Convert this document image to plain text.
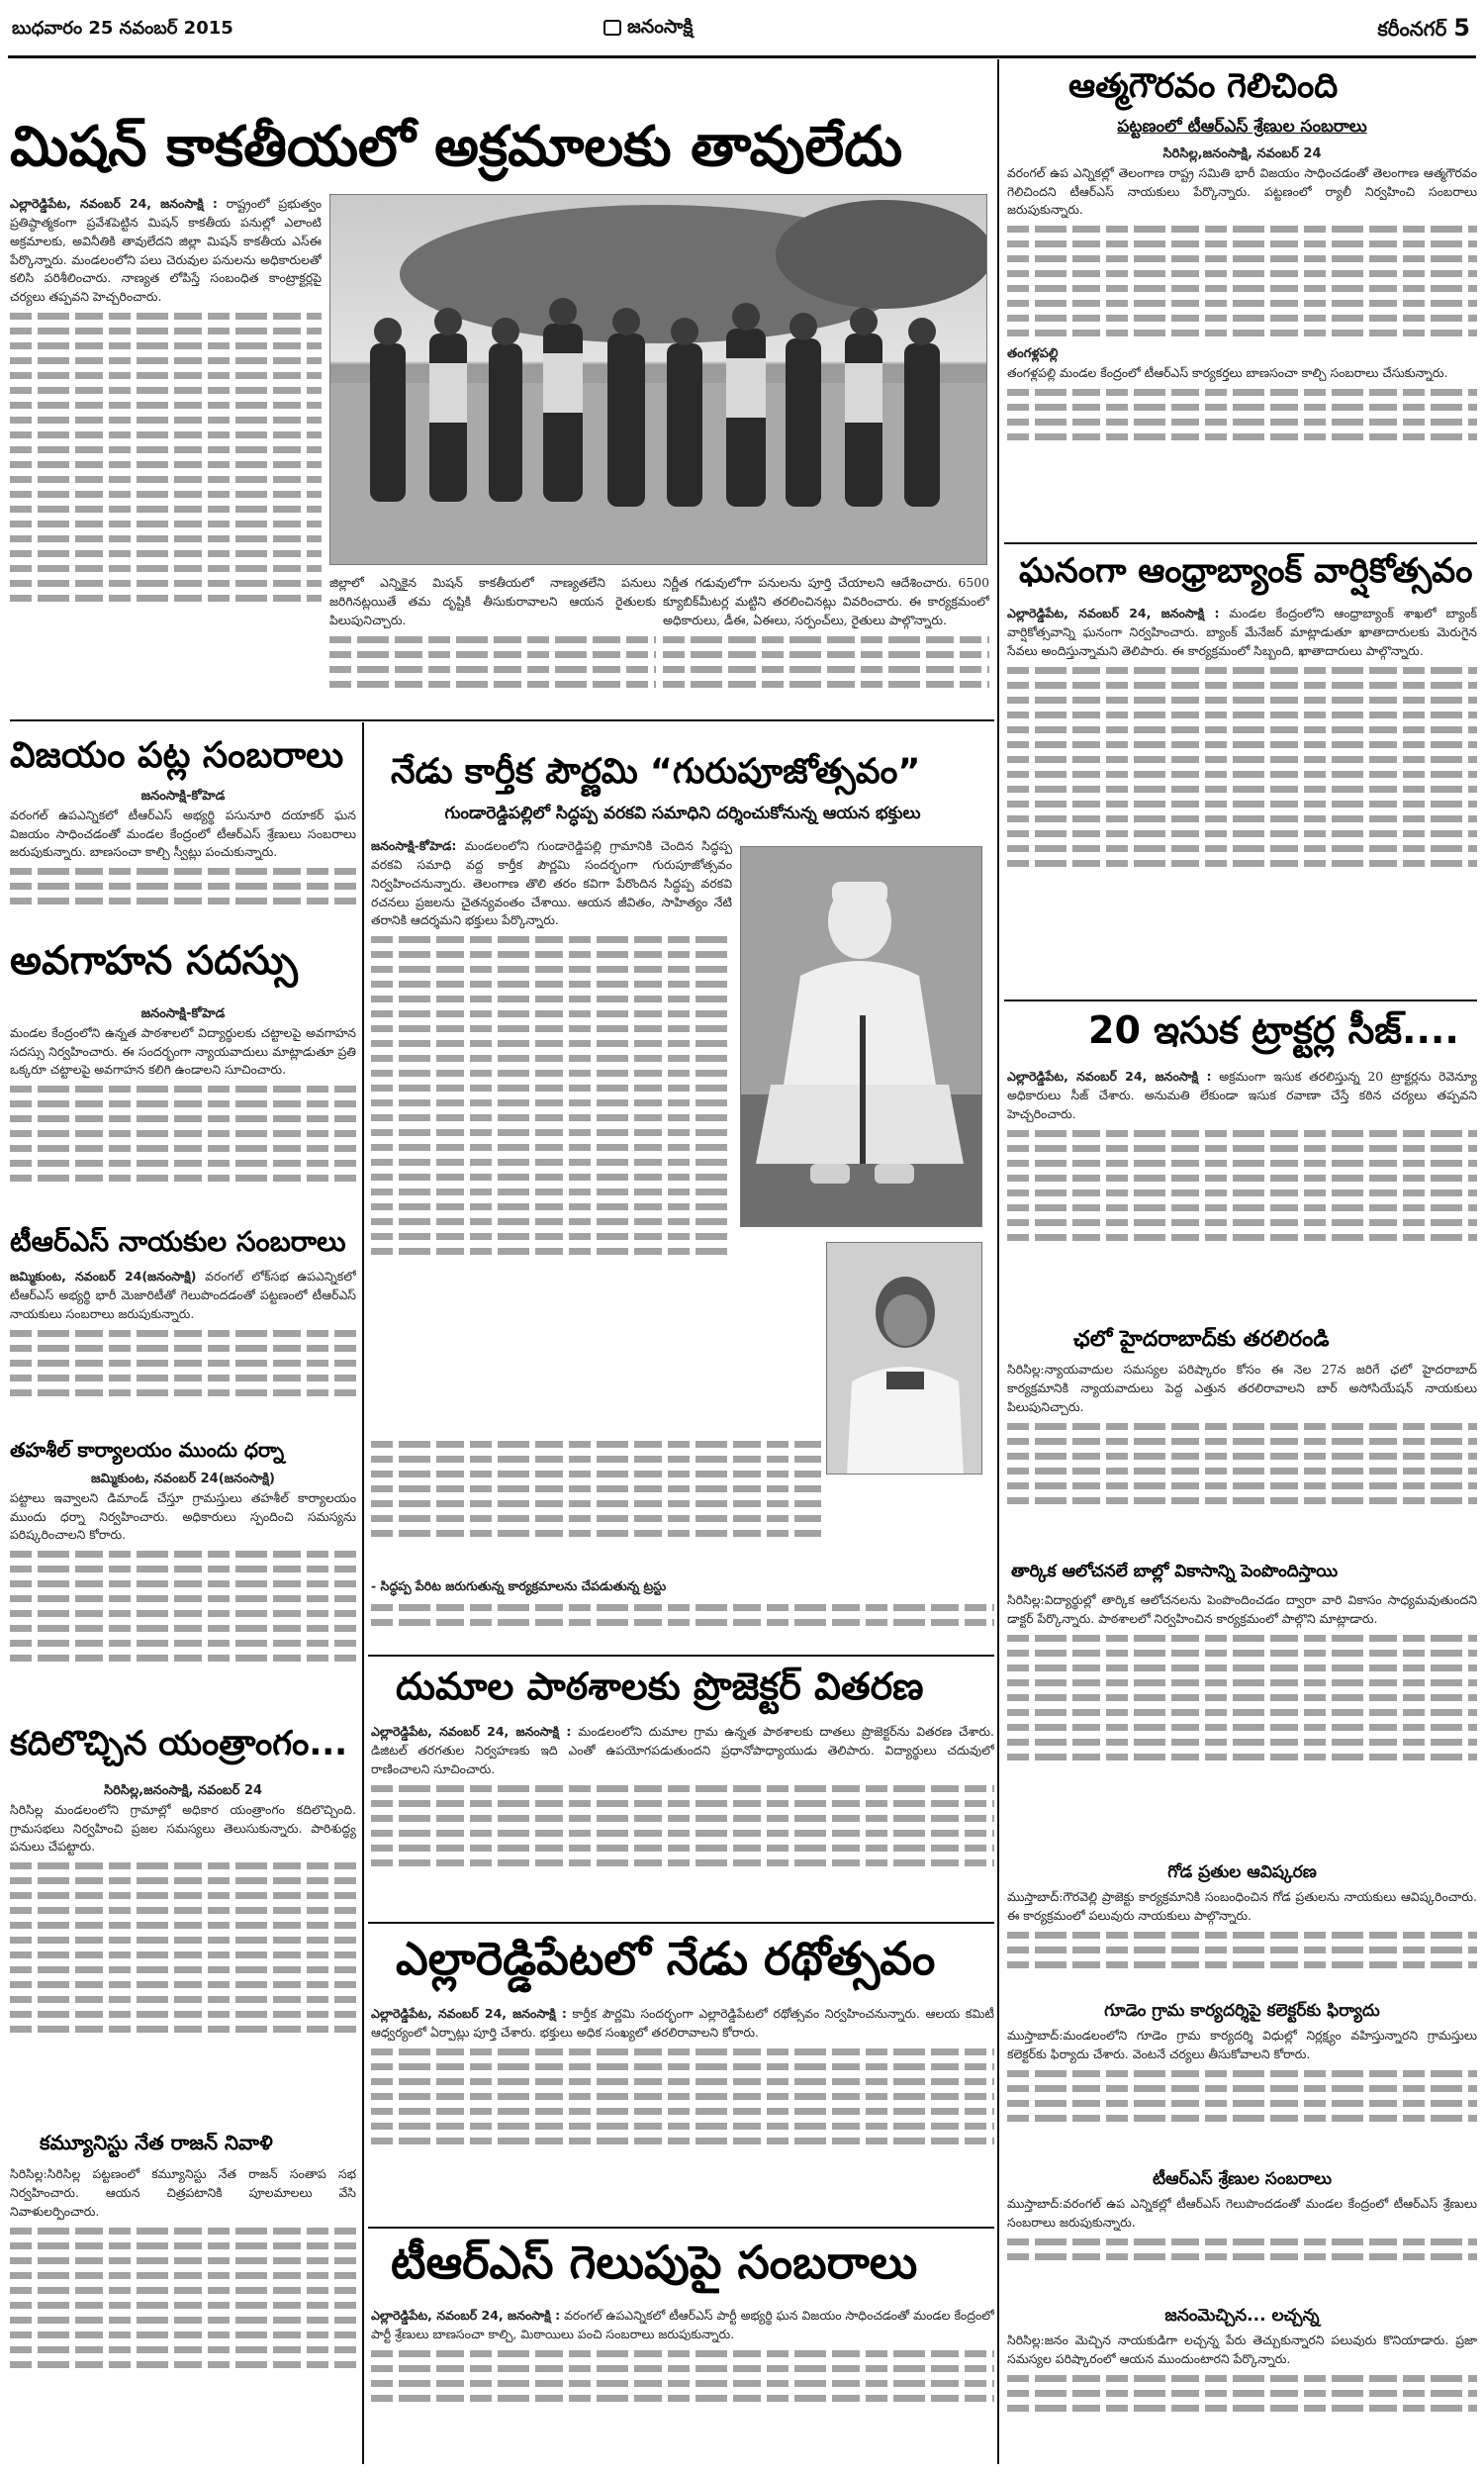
బుధవారం 25 నవంబర్ 2015	జనంసాక్షి	కరీంనగర్ 5
మిషన్ కాకతీయలో అక్రమాలకు తావులేదు
ఎల్లారెడ్డిపేట, నవంబర్ 24, జనంసాక్షి : రాష్ట్రంలో ప్రభుత్వం ప్రతిష్ఠాత్మకంగా ప్రవేశపెట్టిన మిషన్ కాకతీయ పనుల్లో ఎలాంటి అక్రమాలకు, అవినీతికి తావులేదని జిల్లా మిషన్ కాకతీయ ఎస్ఈ పేర్కొన్నారు. మండలంలోని పలు చెరువుల పనులను అధికారులతో కలిసి పరిశీలించారు. నాణ్యత లోపిస్తే సంబంధిత కాంట్రాక్టర్లపై చర్యలు తప్పవని హెచ్చరించారు.
జిల్లాలో ఎన్నికైన మిషన్ కాకతీయలో నాణ్యతలేని పనులు జరిగినట్లయితే తమ దృష్టికి తీసుకురావాలని ఆయన రైతులకు పిలుపునిచ్చారు.
నిర్ణీత గడువులోగా పనులను పూర్తి చేయాలని ఆదేశించారు. 6500 క్యూబిక్‌మీటర్ల మట్టిని తరలించినట్లు వివరించారు. ఈ కార్యక్రమంలో అధికారులు, డీఈ, ఏఈలు, సర్పంచ్‌లు, రైతులు పాల్గొన్నారు.
విజయం పట్ల సంబరాలు
జనంసాక్షి-కోహెడ
వరంగల్ ఉపఎన్నికలో టీఆర్ఎస్ అభ్యర్థి పసునూరి దయాకర్ ఘన విజయం సాధించడంతో మండల కేంద్రంలో టీఆర్ఎస్ శ్రేణులు సంబరాలు జరుపుకున్నారు. బాణసంచా కాల్చి స్వీట్లు పంచుకున్నారు.
అవగాహన సదస్సు
జనంసాక్షి-కోహెడ
మండల కేంద్రంలోని ఉన్నత పాఠశాలలో విద్యార్థులకు చట్టాలపై అవగాహన సదస్సు నిర్వహించారు. ఈ సందర్భంగా న్యాయవాదులు మాట్లాడుతూ ప్రతి ఒక్కరూ చట్టాలపై అవగాహన కలిగి ఉండాలని సూచించారు.
టీఆర్ఎస్ నాయకుల సంబరాలు
జమ్మికుంట, నవంబర్ 24(జనంసాక్షి) వరంగల్ లోక్‌సభ ఉపఎన్నికలో టీఆర్ఎస్ అభ్యర్థి భారీ మెజారిటీతో గెలుపొందడంతో పట్టణంలో టీఆర్ఎస్ నాయకులు సంబరాలు జరుపుకున్నారు.
తహశీల్ కార్యాలయం ముందు ధర్నా
జమ్మికుంట, నవంబర్ 24(జనంసాక్షి)
పట్టాలు ఇవ్వాలని డిమాండ్ చేస్తూ గ్రామస్తులు తహశీల్ కార్యాలయం ముందు ధర్నా నిర్వహించారు. అధికారులు స్పందించి సమస్యను పరిష్కరించాలని కోరారు.
కదిలొచ్చిన యంత్రాంగం...
సిరిసిల్ల,జనంసాక్షి, నవంబర్ 24
సిరిసిల్ల మండలంలోని గ్రామాల్లో అధికార యంత్రాంగం కదిలొచ్చింది. గ్రామసభలు నిర్వహించి ప్రజల సమస్యలు తెలుసుకున్నారు. పారిశుద్ధ్య పనులు చేపట్టారు.
కమ్యూనిస్టు నేత రాజన్ నివాళి
సిరిసిల్ల:సిరిసిల్ల పట్టణంలో కమ్యూనిస్టు నేత రాజన్ సంతాప సభ నిర్వహించారు. ఆయన చిత్రపటానికి పూలమాలలు వేసి నివాళులర్పించారు.
నేడు కార్తీక పౌర్ణమి “గురుపూజోత్సవం”
గుండారెడ్డిపల్లిలో సిద్ధప్ప వరకవి సమాధిని దర్శించుకోనున్న ఆయన భక్తులు
జనంసాక్షి-కోహెడ: మండలంలోని గుండారెడ్డిపల్లి గ్రామానికి చెందిన సిద్ధప్ప వరకవి సమాధి వద్ద కార్తీక పౌర్ణమి సందర్భంగా గురుపూజోత్సవం నిర్వహించనున్నారు. తెలంగాణ తొలి తరం కవిగా పేరొందిన సిద్ధప్ప వరకవి రచనలు ప్రజలను చైతన్యవంతం చేశాయి. ఆయన జీవితం, సాహిత్యం నేటి తరానికి ఆదర్శమని భక్తులు పేర్కొన్నారు.
- సిద్ధప్ప పేరిట జరుగుతున్న కార్యక్రమాలను చేపడుతున్న ట్రస్టు
దుమాల పాఠశాలకు ప్రొజెక్టర్ వితరణ
ఎల్లారెడ్డిపేట, నవంబర్ 24, జనంసాక్షి : మండలంలోని దుమాల గ్రామ ఉన్నత పాఠశాలకు దాతలు ప్రొజెక్టర్‌ను వితరణ చేశారు. డిజిటల్ తరగతుల నిర్వహణకు ఇది ఎంతో ఉపయోగపడుతుందని ప్రధానోపాధ్యాయుడు తెలిపారు. విద్యార్థులు చదువులో రాణించాలని సూచించారు.
ఎల్లారెడ్డిపేటలో నేడు రథోత్సవం
ఎల్లారెడ్డిపేట, నవంబర్ 24, జనంసాక్షి : కార్తీక పౌర్ణమి సందర్భంగా ఎల్లారెడ్డిపేటలో రథోత్సవం నిర్వహించనున్నారు. ఆలయ కమిటీ ఆధ్వర్యంలో ఏర్పాట్లు పూర్తి చేశారు. భక్తులు అధిక సంఖ్యలో తరలిరావాలని కోరారు.
టీఆర్ఎస్ గెలుపుపై సంబరాలు
ఎల్లారెడ్డిపేట, నవంబర్ 24, జనంసాక్షి : వరంగల్ ఉపఎన్నికలో టీఆర్ఎస్ పార్టీ అభ్యర్థి ఘన విజయం సాధించడంతో మండల కేంద్రంలో పార్టీ శ్రేణులు బాణసంచా కాల్చి, మిఠాయిలు పంచి సంబరాలు జరుపుకున్నారు.
ఆత్మగౌరవం గెలిచింది
పట్టణంలో టీఆర్ఎస్ శ్రేణుల సంబరాలు
సిరిసిల్ల,జనంసాక్షి, నవంబర్ 24
వరంగల్ ఉప ఎన్నికల్లో తెలంగాణ రాష్ట్ర సమితి భారీ విజయం సాధించడంతో తెలంగాణ ఆత్మగౌరవం గెలిచిందని టీఆర్ఎస్ నాయకులు పేర్కొన్నారు. పట్టణంలో ర్యాలీ నిర్వహించి సంబరాలు జరుపుకున్నారు.
తంగళ్లపల్లి
తంగళ్లపల్లి మండల కేంద్రంలో టీఆర్ఎస్ కార్యకర్తలు బాణసంచా కాల్చి సంబరాలు చేసుకున్నారు.
ఘనంగా ఆంధ్రాబ్యాంక్ వార్షికోత్సవం
ఎల్లారెడ్డిపేట, నవంబర్ 24, జనంసాక్షి : మండల కేంద్రంలోని ఆంధ్రాబ్యాంక్ శాఖలో బ్యాంక్ వార్షికోత్సవాన్ని ఘనంగా నిర్వహించారు. బ్యాంక్ మేనేజర్ మాట్లాడుతూ ఖాతాదారులకు మెరుగైన సేవలు అందిస్తున్నామని తెలిపారు. ఈ కార్యక్రమంలో సిబ్బంది, ఖాతాదారులు పాల్గొన్నారు.
20 ఇసుక ట్రాక్టర్ల సీజ్....
ఎల్లారెడ్డిపేట, నవంబర్ 24, జనంసాక్షి : అక్రమంగా ఇసుక తరలిస్తున్న 20 ట్రాక్టర్లను రెవెన్యూ అధికారులు సీజ్ చేశారు. అనుమతి లేకుండా ఇసుక రవాణా చేస్తే కఠిన చర్యలు తప్పవని హెచ్చరించారు.
ఛలో హైదరాబాద్‌కు తరలిరండి
సిరిసిల్ల:న్యాయవాదుల సమస్యల పరిష్కారం కోసం ఈ నెల 27న జరిగే ఛలో హైదరాబాద్ కార్యక్రమానికి న్యాయవాదులు పెద్ద ఎత్తున తరలిరావాలని బార్ అసోసియేషన్ నాయకులు పిలుపునిచ్చారు.
తార్కిక ఆలోచనలే బాల్లో వికాసాన్ని పెంపొందిస్తాయి
సిరిసిల్ల:విద్యార్థుల్లో తార్కిక ఆలోచనలను పెంపొందించడం ద్వారా వారి వికాసం సాధ్యమవుతుందని డాక్టర్ పేర్కొన్నారు. పాఠశాలలో నిర్వహించిన కార్యక్రమంలో పాల్గొని మాట్లాడారు.
గోడ ప్రతుల ఆవిష్కరణ
ముస్తాబాద్:గౌరవెల్లి ప్రాజెక్టు కార్యక్రమానికి సంబంధించిన గోడ ప్రతులను నాయకులు ఆవిష్కరించారు. ఈ కార్యక్రమంలో పలువురు నాయకులు పాల్గొన్నారు.
గూడెం గ్రామ కార్యదర్శిపై కలెక్టర్‌కు ఫిర్యాదు
ముస్తాబాద్:మండలంలోని గూడెం గ్రామ కార్యదర్శి విధుల్లో నిర్లక్ష్యం వహిస్తున్నారని గ్రామస్తులు కలెక్టర్‌కు ఫిర్యాదు చేశారు. వెంటనే చర్యలు తీసుకోవాలని కోరారు.
టీఆర్ఎస్ శ్రేణుల సంబరాలు
ముస్తాబాద్:వరంగల్ ఉప ఎన్నికల్లో టీఆర్ఎస్ గెలుపొందడంతో మండల కేంద్రంలో టీఆర్ఎస్ శ్రేణులు సంబరాలు జరుపుకున్నారు.
జనంమెచ్చిన... లచ్చన్న
సిరిసిల్ల:జనం మెచ్చిన నాయకుడిగా లచ్చన్న పేరు తెచ్చుకున్నారని పలువురు కొనియాడారు. ప్రజా సమస్యల పరిష్కారంలో ఆయన ముందుంటారని పేర్కొన్నారు.
